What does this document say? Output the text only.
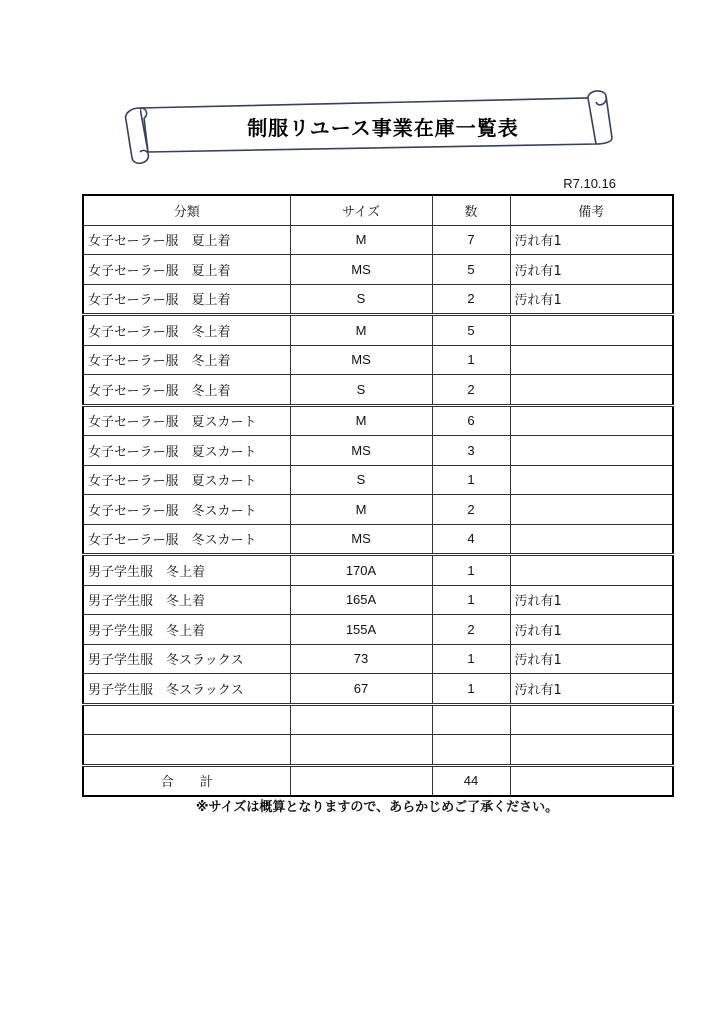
制服リユース事業在庫一覧表
R7.10.16
分類	サイズ	数	備考
女子セーラー服　夏上着	M	7	汚れ有1
女子セーラー服　夏上着	MS	5	汚れ有1
女子セーラー服　夏上着	S	2	汚れ有1
女子セーラー服　冬上着	M	5	
女子セーラー服　冬上着	MS	1	
女子セーラー服　冬上着	S	2	
女子セーラー服　夏スカート	M	6	
女子セーラー服　夏スカート	MS	3	
女子セーラー服　夏スカート	S	1	
女子セーラー服　冬スカート	M	2	
女子セーラー服　冬スカート	MS	4	
男子学生服　冬上着	170A	1	
男子学生服　冬上着	165A	1	汚れ有1
男子学生服　冬上着	155A	2	汚れ有1
男子学生服　冬スラックス	73	1	汚れ有1
男子学生服　冬スラックス	67	1	汚れ有1

合　　計		44	
※サイズは概算となりますので、あらかじめご了承ください。
